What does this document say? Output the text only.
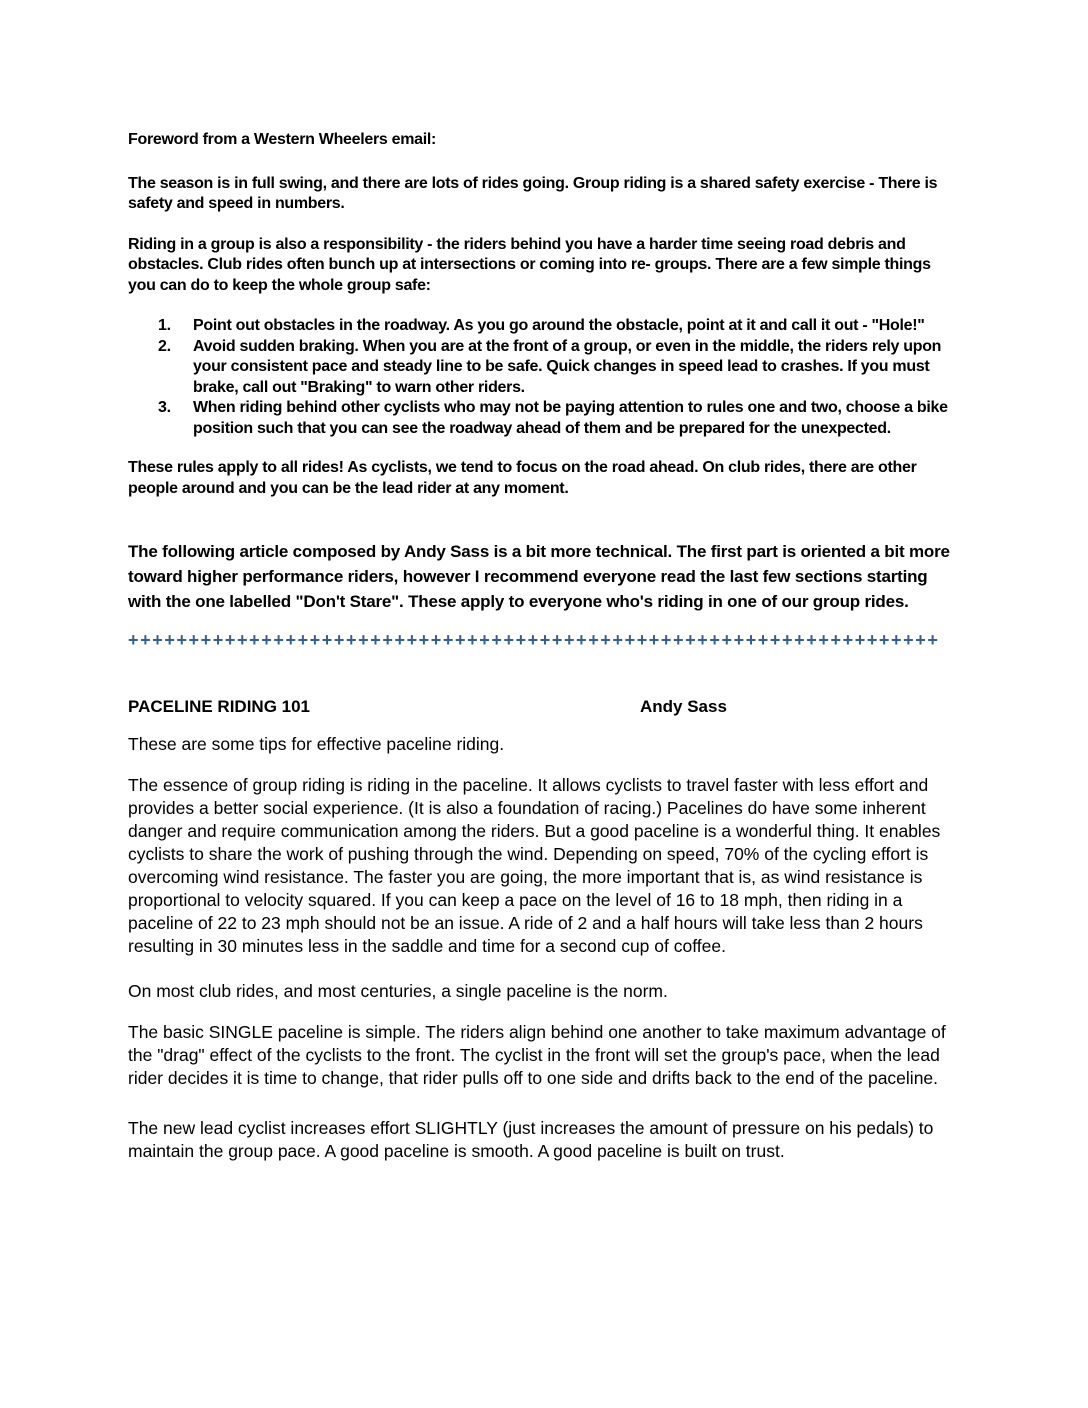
Foreword from a Western Wheelers email:
The season is in full swing, and there are lots of rides going. Group riding is a shared safety exercise - There is safety and speed in numbers.
Riding in a group is also a responsibility - the riders behind you have a harder time seeing road debris and obstacles. Club rides often bunch up at intersections or coming into re- groups. There are a few simple things you can do to keep the whole group safe:
1. Point out obstacles in the roadway. As you go around the obstacle, point at it and call it out - "Hole!"
2. Avoid sudden braking. When you are at the front of a group, or even in the middle, the riders rely upon your consistent pace and steady line to be safe. Quick changes in speed lead to crashes. If you must brake, call out "Braking" to warn other riders.
3. When riding behind other cyclists who may not be paying attention to rules one and two, choose a bike position such that you can see the roadway ahead of them and be prepared for the unexpected.
These rules apply to all rides! As cyclists, we tend to focus on the road ahead. On club rides, there are other people around and you can be the lead rider at any moment.
The following article composed by Andy Sass is a bit more technical. The first part is oriented a bit more toward higher performance riders, however I recommend everyone read the last few sections starting with the one labelled "Don't Stare". These apply to everyone who's riding in one of our group rides.
+++++++++++++++++++++++++++++++++++++++++++++++++++++++++++++++++++
PACELINE RIDING 101	Andy Sass
These are some tips for effective paceline riding.
The essence of group riding is riding in the paceline. It allows cyclists to travel faster with less effort and provides a better social experience. (It is also a foundation of racing.) Pacelines do have some inherent danger and require communication among the riders. But a good paceline is a wonderful thing. It enables cyclists to share the work of pushing through the wind. Depending on speed, 70% of the cycling effort is overcoming wind resistance. The faster you are going, the more important that is, as wind resistance is proportional to velocity squared. If you can keep a pace on the level of 16 to 18 mph, then riding in a paceline of 22 to 23 mph should not be an issue. A ride of 2 and a half hours will take less than 2 hours resulting in 30 minutes less in the saddle and time for a second cup of coffee.
On most club rides, and most centuries, a single paceline is the norm.
The basic SINGLE paceline is simple. The riders align behind one another to take maximum advantage of the "drag" effect of the cyclists to the front. The cyclist in the front will set the group's pace, when the lead rider decides it is time to change, that rider pulls off to one side and drifts back to the end of the paceline.
The new lead cyclist increases effort SLIGHTLY (just increases the amount of pressure on his pedals) to maintain the group pace. A good paceline is smooth. A good paceline is built on trust.
